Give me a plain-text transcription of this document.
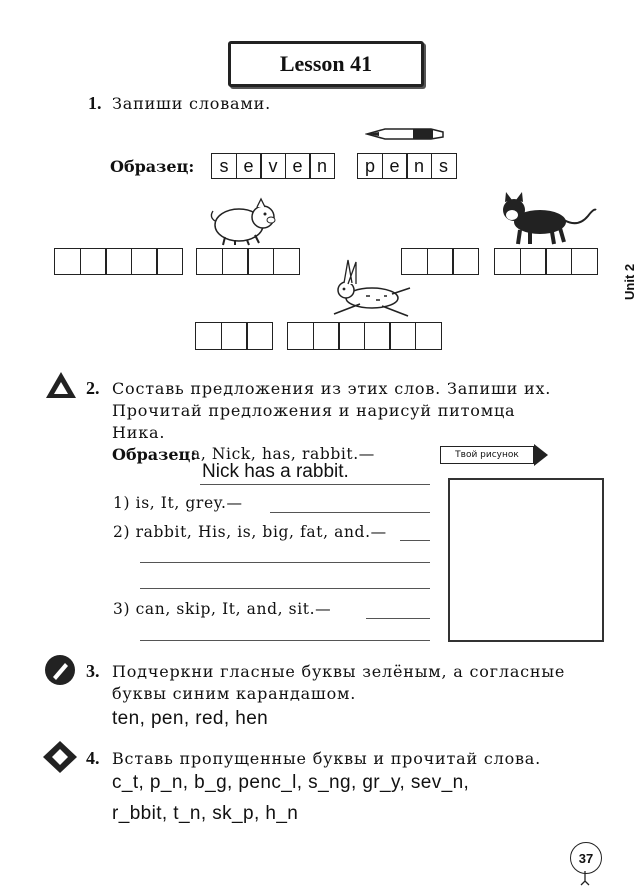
Lesson 41
1. Запиши словами.
Образец:	s e v e n	p e n s
Unit 2
2. Составь предложения из этих слов. Запиши их.
Прочитай предложения и нарисуй питомца
Ника.
Образец:
a, Nick, has, rabbit.—
Nick has a rabbit.
1) is, It, grey.—
2) rabbit, His, is, big, fat, and.—
3) can, skip, It, and, sit.—
Твой рисунок
3. Подчеркни гласные буквы зелёным, а согласные
буквы синим карандашом.
ten, pen, red, hen
4. Вставь пропущенные буквы и прочитай слова.
c_t, p_n, b_g, penc_l, s_ng, gr_y, sev_n,
r_bbit, t_n, sk_p, h_n
37
